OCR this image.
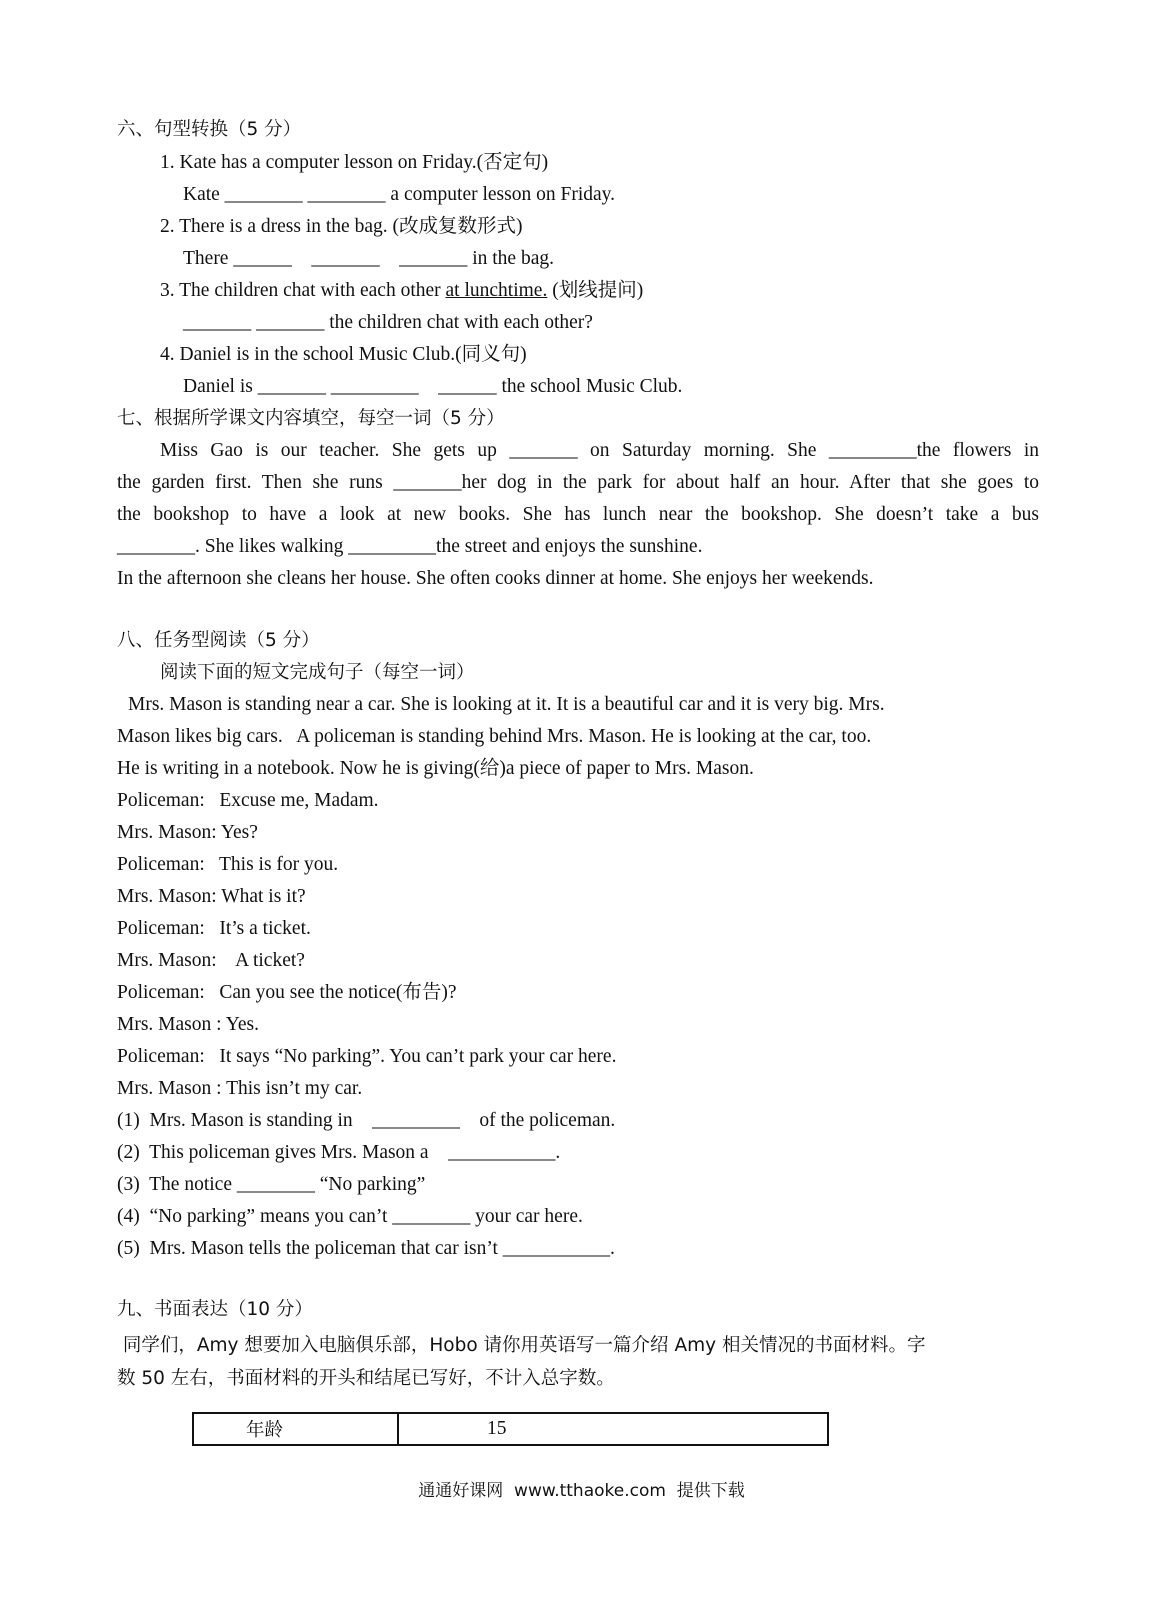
六、句型转换（5 分）
1. Kate has a computer lesson on Friday.(否定句)
Kate ________ ________ a computer lesson on Friday.
2. There is a dress in the bag. (改成复数形式)
There ______    _______    _______ in the bag.
3. The children chat with each other at lunchtime. (划线提问)
_______ _______ the children chat with each other?
4. Daniel is in the school Music Club.(同义句)
Daniel is _______ _________    ______ the school Music Club.
七、根据所学课文内容填空，每空一词（5 分）
Miss Gao is our teacher. She gets up _______ on Saturday morning. She _________the flowers in
the garden first. Then she runs _______her dog in the park for about half an hour. After that she goes to
the bookshop to have a look at new books. She has lunch near the bookshop. She doesn’t take a bus
________. She likes walking _________the street and enjoys the sunshine.
In the afternoon she cleans her house. She often cooks dinner at home. She enjoys her weekends.
八、任务型阅读（5 分）
阅读下面的短文完成句子（每空一词）
Mrs. Mason is standing near a car. She is looking at it. It is a beautiful car and it is very big. Mrs.
Mason likes big cars.   A policeman is standing behind Mrs. Mason. He is looking at the car, too.
He is writing in a notebook. Now he is giving(给)a piece of paper to Mrs. Mason.
Policeman:   Excuse me, Madam.
Mrs. Mason: Yes?
Policeman:   This is for you.
Mrs. Mason: What is it?
Policeman:   It’s a ticket.
Mrs. Mason:    A ticket?
Policeman:   Can you see the notice(布告)?
Mrs. Mason : Yes.
Policeman:   It says “No parking”. You can’t park your car here.
Mrs. Mason : This isn’t my car.
(1)  Mrs. Mason is standing in    _________    of the policeman.
(2)  This policeman gives Mrs. Mason a    ___________.
(3)  The notice ________ “No parking”
(4)  “No parking” means you can’t ________ your car here.
(5)  Mrs. Mason tells the policeman that car isn’t ___________.
九、书面表达（10 分）
同学们，Amy 想要加入电脑俱乐部，Hobo 请你用英语写一篇介绍 Amy 相关情况的书面材料。字
数 50 左右，书面材料的开头和结尾已写好，不计入总字数。
年龄	15
通通好课网  www.tthaoke.com  提供下载
